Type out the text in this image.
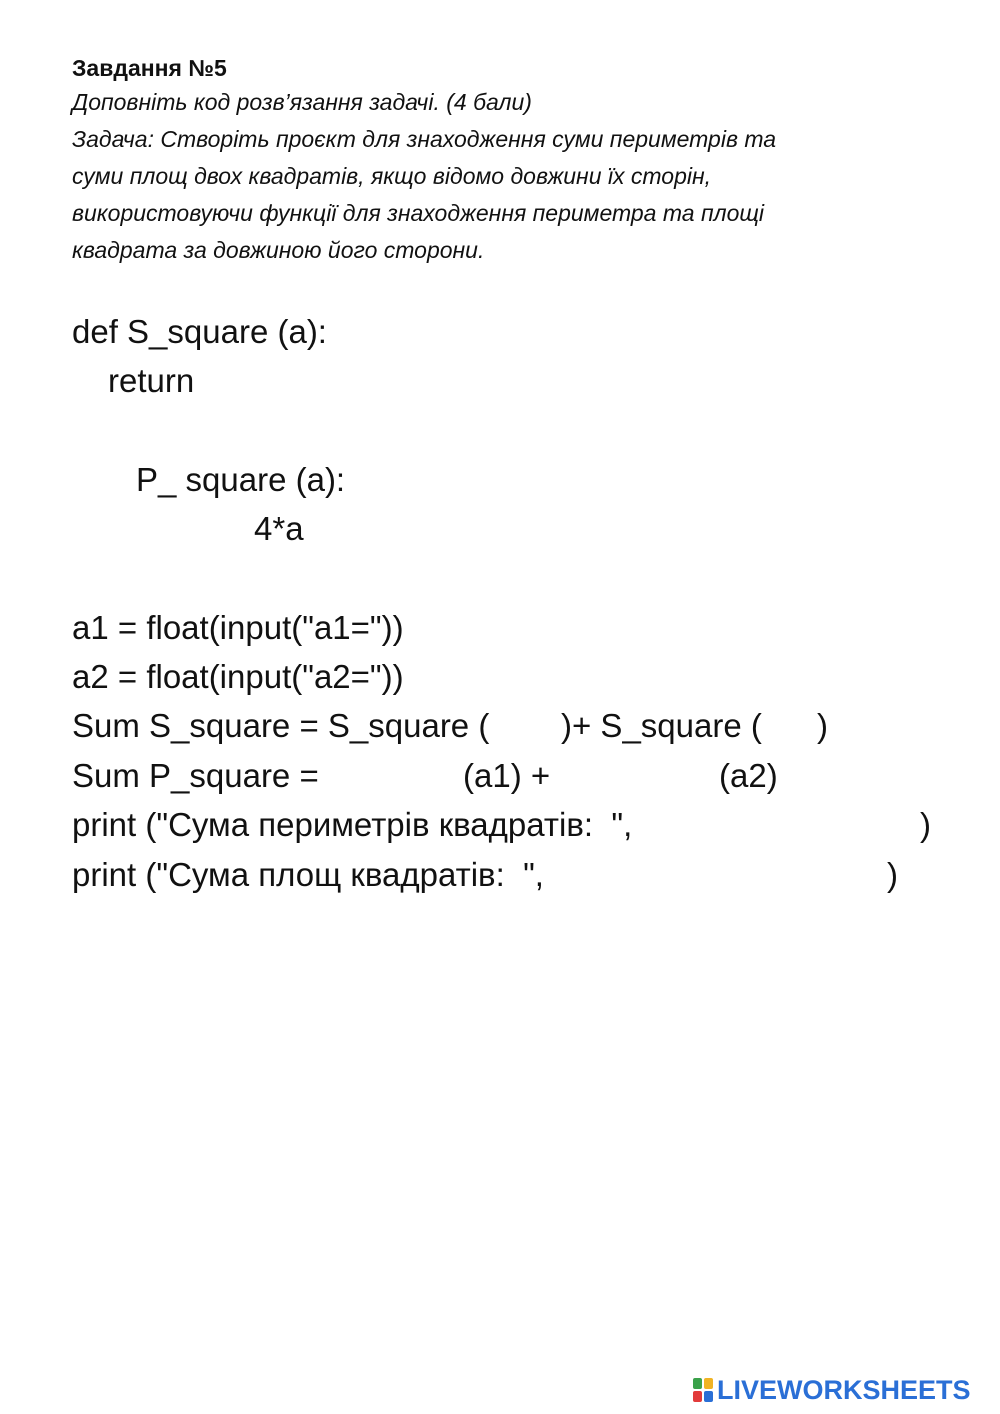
Завдання №5

Доповніть код розв’язання задачі. (4 бали)

Задача: Створіть проєкт для знаходження суми периметрів та

суми площ двох квадратів, якщо відомо довжини їх сторін,

використовуючи функції для знаходження периметра та площі

квадрата за довжиною його сторони.

def S_square (a):
return
P_ square (a):
4*a
a1 = float(input("a1="))
a2 = float(input("a2="))
Sum S_square = S_square ( )+ S_square ( )
Sum P_square =	(a1) +	(a2)
print ("Сума периметрів квадратів:  ",	)
print ("Сума площ квадратів:  ",	)
LIVEWORKSHEETS
